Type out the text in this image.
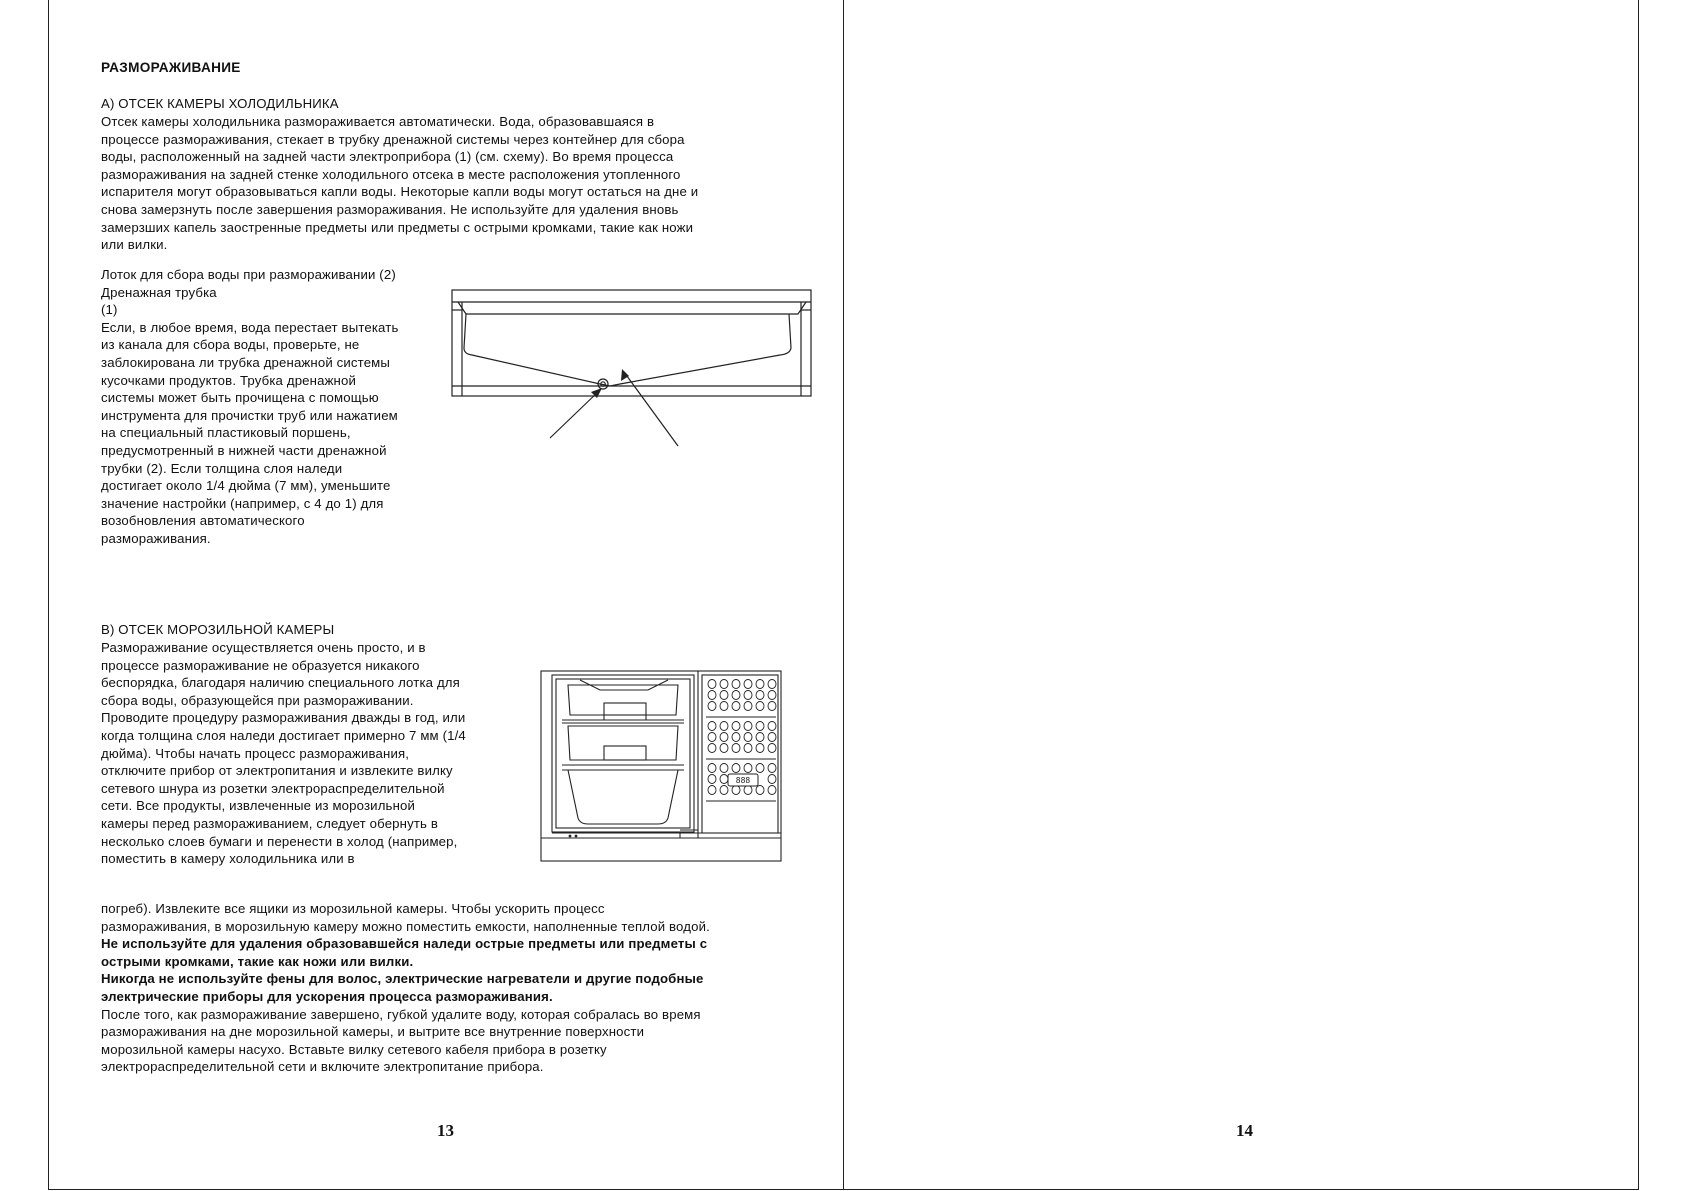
РАЗМОРАЖИВАНИЕ
А) ОТСЕК КАМЕРЫ ХОЛОДИЛЬНИКА
Отсек камеры холодильника размораживается автоматически. Вода, образовавшаяся в
процессе размораживания, стекает в трубку дренажной системы через контейнер для сбора
воды, расположенный на задней части электроприбора (1) (см. схему). Во время процесса
размораживания на задней стенке холодильного отсека в месте расположения утопленного
испарителя могут образовываться капли воды. Некоторые капли воды могут остаться на дне и
снова замерзнуть после завершения размораживания. Не используйте для удаления вновь
замерзших капель заостренные предметы или предметы с острыми кромками, такие как ножи
или вилки.
Лоток для сбора воды при размораживании (2)
Дренажная трубка
(1)
Если, в любое время, вода перестает вытекать
из канала для сбора воды, проверьте, не
заблокирована ли трубка дренажной системы
кусочками продуктов. Трубка дренажной
системы может быть прочищена с помощью
инструмента для прочистки труб или нажатием
на специальный пластиковый поршень,
предусмотренный в нижней части дренажной
трубки (2). Если толщина слоя наледи
достигает около 1/4 дюйма (7 мм), уменьшите
значение настройки (например, с 4 до 1) для
возобновления автоматического
размораживания.
В) ОТСЕК МОРОЗИЛЬНОЙ КАМЕРЫ
Размораживание осуществляется очень просто, и в
процессе размораживание не образуется никакого
беспорядка, благодаря наличию специального лотка для
сбора воды, образующейся при размораживании.
Проводите процедуру размораживания дважды в год, или
когда толщина слоя наледи достигает примерно 7 мм (1/4
дюйма). Чтобы начать процесс размораживания,
отключите прибор от электропитания и извлеките вилку
сетевого шнура из розетки электрораспределительной
сети. Все продукты, извлеченные из морозильной
камеры перед размораживанием, следует обернуть в
несколько слоев бумаги и перенести в холод (например,
поместить в камеру холодильника или в
888
погреб). Извлеките все ящики из морозильной камеры. Чтобы ускорить процесс
размораживания, в морозильную камеру можно поместить емкости, наполненные теплой водой.
Не используйте для удаления образовавшейся наледи острые предметы или предметы с
острыми кромками, такие как ножи или вилки.
Никогда не используйте фены для волос, электрические нагреватели и другие подобные
электрические приборы для ускорения процесса размораживания.
После того, как размораживание завершено, губкой удалите воду, которая собралась во время
размораживания на дне морозильной камеры, и вытрите все внутренние поверхности
морозильной камеры насухо. Вставьте вилку сетевого кабеля прибора в розетку
электрораспределительной сети и включите электропитание прибора.
13	14
